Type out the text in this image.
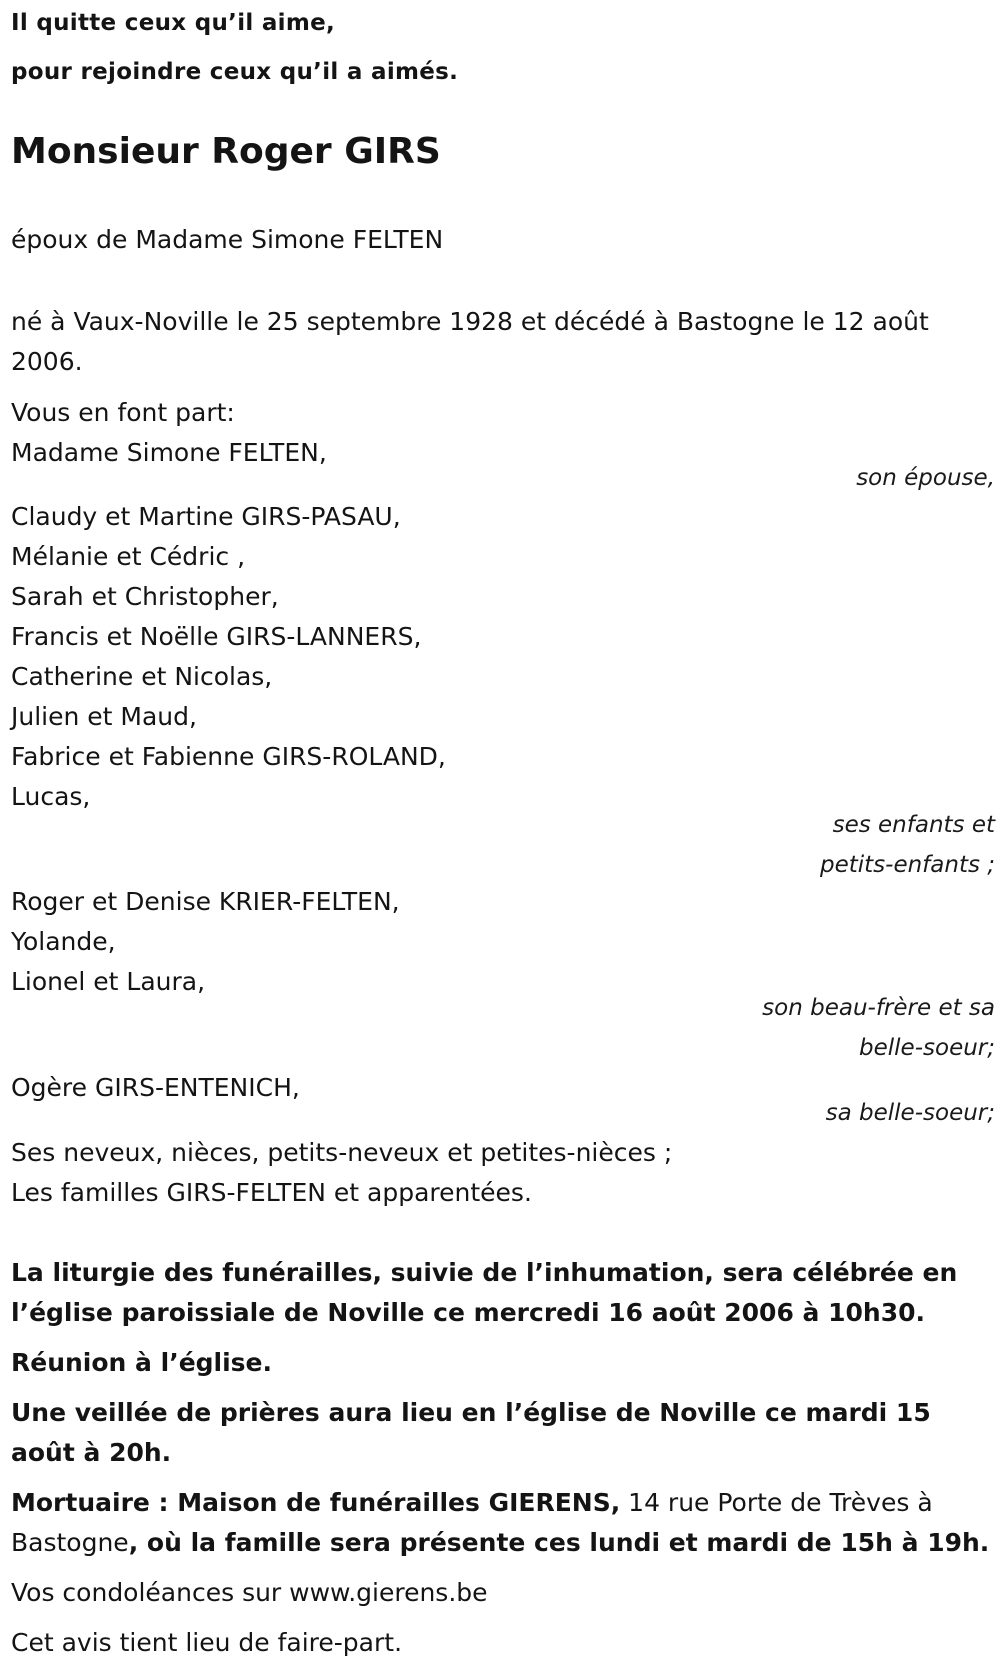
Il quitte ceux qu’il aime,
pour rejoindre ceux qu’il a aimés.
Monsieur Roger GIRS
époux de Madame Simone FELTEN
né à Vaux-Noville le 25 septembre 1928 et décédé à Bastogne le 12 août 2006.
Vous en font part:
Madame Simone FELTEN,
son épouse,
Claudy et Martine GIRS-PASAU,
Mélanie et Cédric ,
Sarah et Christopher,
Francis et Noëlle GIRS-LANNERS,
Catherine et Nicolas,
Julien et Maud,
Fabrice et Fabienne GIRS-ROLAND,
Lucas,
ses enfants et
petits-enfants ;
Roger et Denise KRIER-FELTEN,
Yolande,
Lionel et Laura,
son beau-frère et sa
belle-soeur;
Ogère GIRS-ENTENICH,
sa belle-soeur;
Ses neveux, nièces, petits-neveux et petites-nièces ;
Les familles GIRS-FELTEN et apparentées.
La liturgie des funérailles, suivie de l’inhumation, sera célébrée en l’église paroissiale de Noville ce mercredi 16 août 2006 à 10h30.
Réunion à l’église.
Une veillée de prières aura lieu en l’église de Noville ce mardi 15 août à 20h.
Mortuaire : Maison de funérailles GIERENS, 14 rue Porte de Trèves à Bastogne, où la famille sera présente ces lundi et mardi de 15h à 19h.
Vos condoléances sur www.gierens.be
Cet avis tient lieu de faire-part.
